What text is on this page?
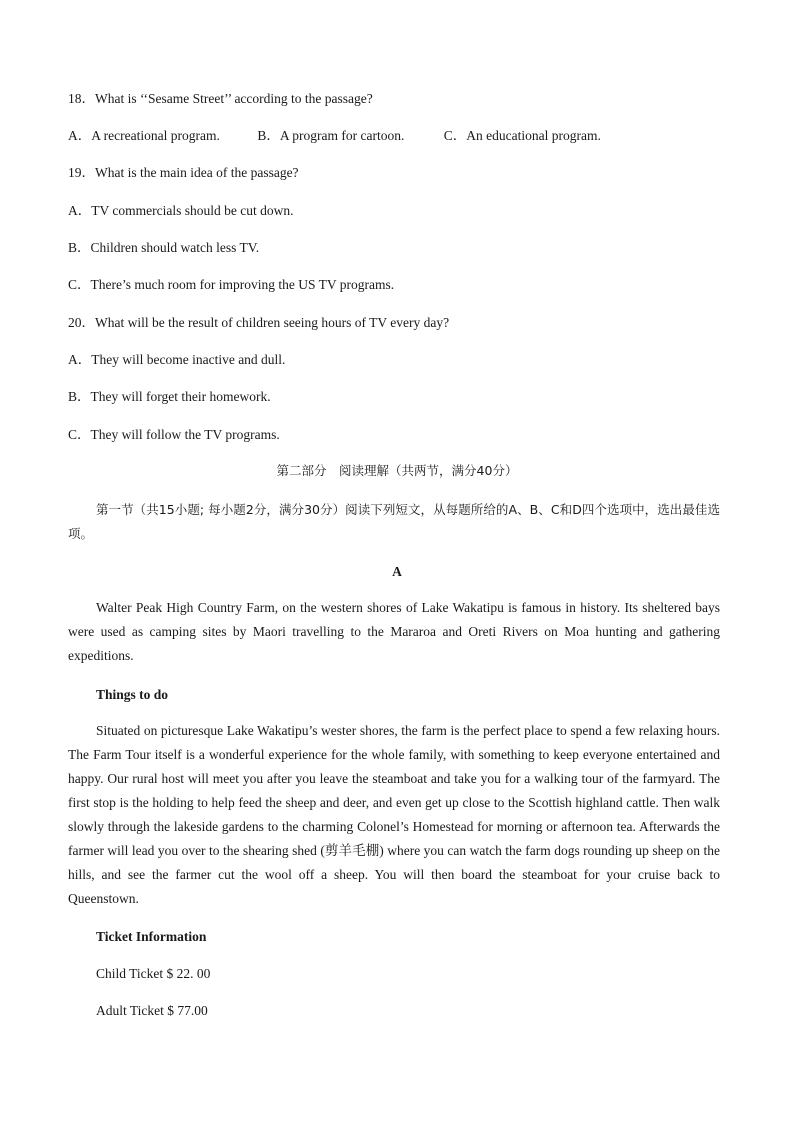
18．What is ‘‘Sesame Street’’ according to the passage?
A．A recreational program.	B．A program for cartoon.	C．An educational program.
19．What is the main idea of the passage?
A．TV commercials should be cut down.
B．Children should watch less TV.
C．There’s much room for improving the US TV programs.
20．What will be the result of children seeing hours of TV every day?
A．They will become inactive and dull.
B．They will forget their homework.
C．They will follow the TV programs.
第二部分　阅读理解（共两节，满分40分）
第一节（共15小题; 每小题2分，满分30分）阅读下列短文，从每题所给的A、B、C和D四个选项中，选出最佳选项。
A
Walter Peak High Country Farm, on the western shores of Lake Wakatipu is famous in history. Its sheltered bays were used as camping sites by Maori travelling to the Mararoa and Oreti Rivers on Moa hunting and gathering expeditions.
Things to do
Situated on picturesque Lake Wakatipu’s wester shores, the farm is the perfect place to spend a few relaxing hours. The Farm Tour itself is a wonderful experience for the whole family, with something to keep everyone entertained and happy. Our rural host will meet you after you leave the steamboat and take you for a walking tour of the farmyard. The first stop is the holding to help feed the sheep and deer, and even get up close to the Scottish highland cattle. Then walk slowly through the lakeside gardens to the charming Colonel’s Homestead for morning or afternoon tea. Afterwards the farmer will lead you over to the shearing shed (剪羊毛棚) where you can watch the farm dogs rounding up sheep on the hills, and see the farmer cut the wool off a sheep. You will then board the steamboat for your cruise back to Queenstown.
Ticket Information
Child Ticket $ 22. 00
Adult Ticket $ 77.00
